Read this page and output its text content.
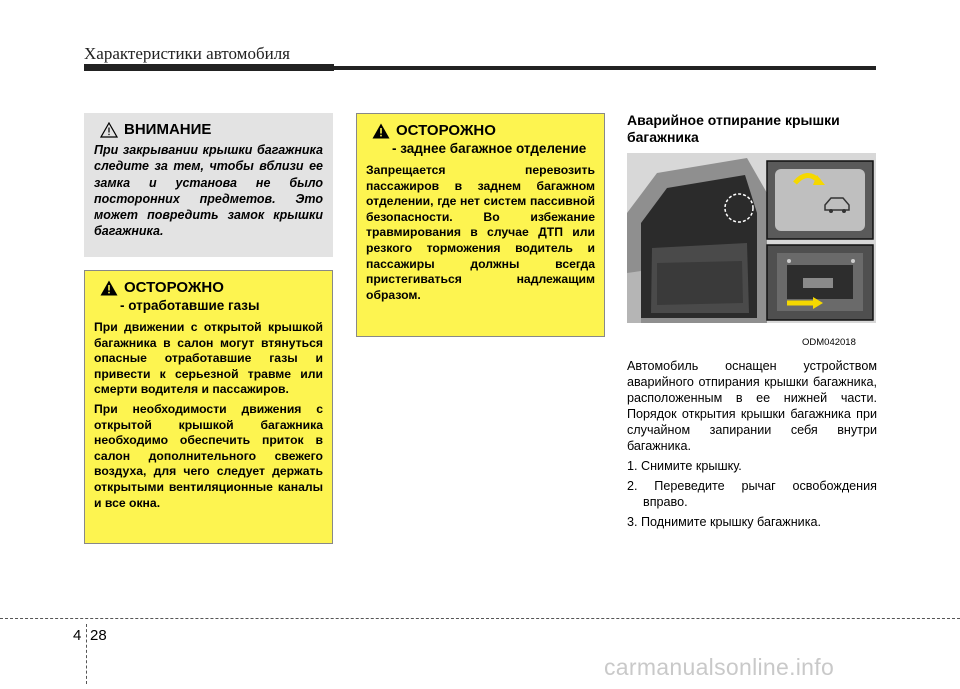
Характеристики автомобиля
ВНИМАНИЕ
При закрывании крышки багажника следите за тем, чтобы вблизи ее замка и установа не было посторонних предметов. Это может повредить замок крышки багажника.
ОСТОРОЖНО
- отработавшие газы

При движении с открытой крышкой багажника в салон могут втянуться опасные отработавшие газы и привести к серьезной травме или смерти водителя и пассажиров.

При необходимости движения с открытой крышкой багажника необходимо обеспечить приток в салон дополнительного свежего воздуха, для чего следует держать открытыми вентиляционные каналы и все окна.

ОСТОРОЖНО
- заднее багажное отделение

Запрещается перевозить пассажиров в заднем багажном отделении, где нет систем пассивной безопасности. Во избежание травмирования в случае ДТП или резкого торможения водитель и пассажиры должны всегда пристегиваться надлежащим образом.

Аварийное отпирание крышки багажника
ODM042018
Автомобиль оснащен устройством аварийного отпирания крышки багажника, расположенным в ее нижней части. Порядок открытия крышки багажника при случайном запирании себя внутри багажника.
1. Снимите крышку.
2. Переведите рычаг освобождения вправо.
3. Поднимите крышку багажника.
4 28
carmanualsonline.info
